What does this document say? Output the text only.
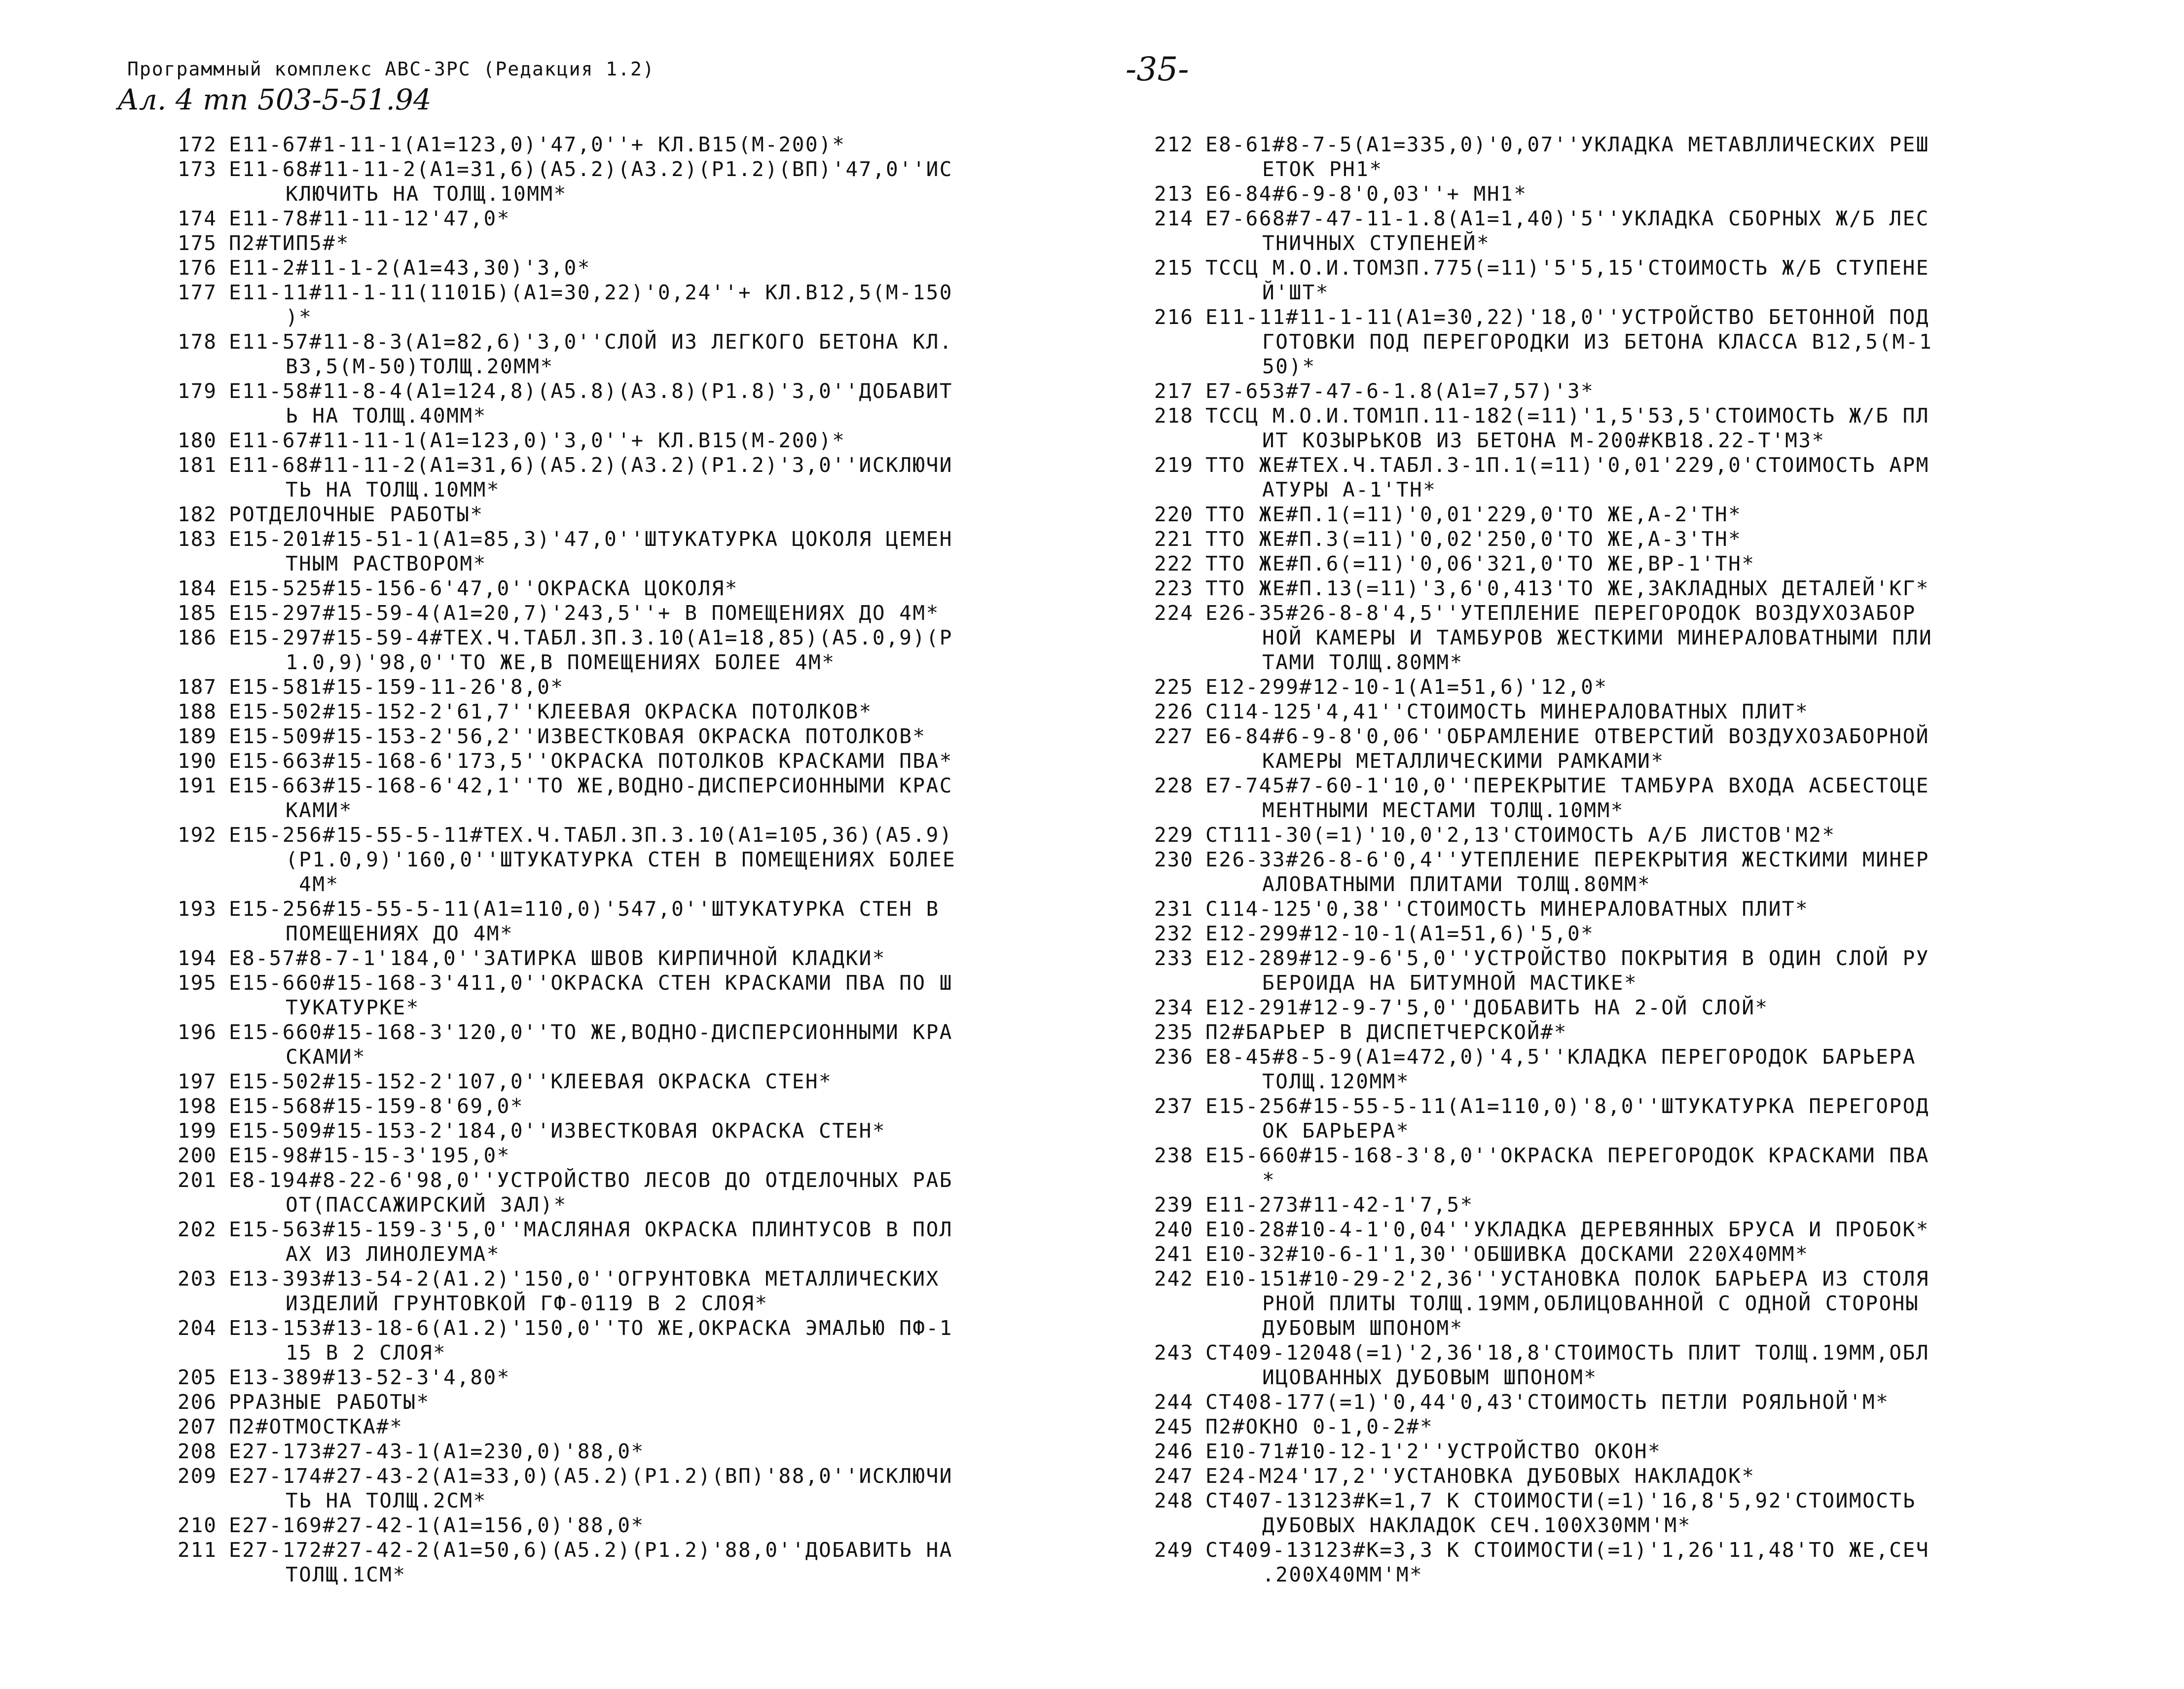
Программный комплекс АВС-3РС (Редакция 1.2)
Ал. 4 тп 503-5-51.94
-35-
172 E11-67#1-11-1(A1=123,0)'47,0''+ КЛ.B15(M-200)*
173 E11-68#11-11-2(A1=31,6)(A5.2)(A3.2)(P1.2)(ВП)'47,0''ИС
КЛЮЧИТЬ НА ТОЛЩ.10ММ*
174 E11-78#11-11-12'47,0*
175 П2#ТИП5#*
176 E11-2#11-1-2(A1=43,30)'3,0*
177 E11-11#11-1-11(1101Б)(A1=30,22)'0,24''+ КЛ.B12,5(M-150
)*
178 E11-57#11-8-3(A1=82,6)'3,0''СЛОЙ ИЗ ЛЕГКОГО БЕТОНА КЛ.
B3,5(M-50)ТОЛЩ.20ММ*
179 E11-58#11-8-4(A1=124,8)(A5.8)(A3.8)(P1.8)'3,0''ДОБАВИТ
Ь НА ТОЛЩ.40ММ*
180 E11-67#11-11-1(A1=123,0)'3,0''+ КЛ.B15(M-200)*
181 E11-68#11-11-2(A1=31,6)(A5.2)(A3.2)(P1.2)'3,0''ИСКЛЮЧИ
ТЬ НА ТОЛЩ.10ММ*
182 РОТДЕЛОЧНЫЕ РАБОТЫ*
183 E15-201#15-51-1(A1=85,3)'47,0''ШТУКАТУРКА ЦОКОЛЯ ЦЕМЕН
ТНЫМ РАСТВОРОМ*
184 E15-525#15-156-6'47,0''ОКРАСКА ЦОКОЛЯ*
185 E15-297#15-59-4(A1=20,7)'243,5''+ В ПОМЕЩЕНИЯХ ДО 4М*
186 E15-297#15-59-4#ТЕХ.Ч.ТАБЛ.3П.3.10(A1=18,85)(A5.0,9)(P
1.0,9)'98,0''ТО ЖЕ,В ПОМЕЩЕНИЯХ БОЛЕЕ 4М*
187 E15-581#15-159-11-26'8,0*
188 E15-502#15-152-2'61,7''КЛЕЕВАЯ ОКРАСКА ПОТОЛКОВ*
189 E15-509#15-153-2'56,2''ИЗВЕСТКОВАЯ ОКРАСКА ПОТОЛКОВ*
190 E15-663#15-168-6'173,5''ОКРАСКА ПОТОЛКОВ КРАСКАМИ ПВА*
191 E15-663#15-168-6'42,1''ТО ЖЕ,ВОДНО-ДИСПЕРСИОННЫМИ КРАС
КАМИ*
192 E15-256#15-55-5-11#ТЕХ.Ч.ТАБЛ.3П.3.10(A1=105,36)(A5.9)
(P1.0,9)'160,0''ШТУКАТУРКА СТЕН В ПОМЕЩЕНИЯХ БОЛЕЕ
4М*
193 E15-256#15-55-5-11(A1=110,0)'547,0''ШТУКАТУРКА СТЕН В
ПОМЕЩЕНИЯХ ДО 4М*
194 E8-57#8-7-1'184,0''ЗАТИРКА ШВОВ КИРПИЧНОЙ КЛАДКИ*
195 E15-660#15-168-3'411,0''ОКРАСКА СТЕН КРАСКАМИ ПВА ПО Ш
ТУКАТУРКЕ*
196 E15-660#15-168-3'120,0''ТО ЖЕ,ВОДНО-ДИСПЕРСИОННЫМИ КРА
СКАМИ*
197 E15-502#15-152-2'107,0''КЛЕЕВАЯ ОКРАСКА СТЕН*
198 E15-568#15-159-8'69,0*
199 E15-509#15-153-2'184,0''ИЗВЕСТКОВАЯ ОКРАСКА СТЕН*
200 E15-98#15-15-3'195,0*
201 E8-194#8-22-6'98,0''УСТРОЙСТВО ЛЕСОВ ДО ОТДЕЛОЧНЫХ РАБ
ОТ(ПАССАЖИРСКИЙ ЗАЛ)*
202 E15-563#15-159-3'5,0''МАСЛЯНАЯ ОКРАСКА ПЛИНТУСОВ В ПОЛ
АХ ИЗ ЛИНОЛЕУМА*
203 E13-393#13-54-2(A1.2)'150,0''ОГРУНТОВКА МЕТАЛЛИЧЕСКИХ
ИЗДЕЛИЙ ГРУНТОВКОЙ ГФ-0119 В 2 СЛОЯ*
204 E13-153#13-18-6(A1.2)'150,0''ТО ЖЕ,ОКРАСКА ЭМАЛЬЮ ПФ-1
15 В 2 СЛОЯ*
205 E13-389#13-52-3'4,80*
206 РРАЗНЫЕ РАБОТЫ*
207 П2#ОТМОСТКА#*
208 E27-173#27-43-1(A1=230,0)'88,0*
209 E27-174#27-43-2(A1=33,0)(A5.2)(P1.2)(ВП)'88,0''ИСКЛЮЧИ
ТЬ НА ТОЛЩ.2СМ*
210 E27-169#27-42-1(A1=156,0)'88,0*
211 E27-172#27-42-2(A1=50,6)(A5.2)(P1.2)'88,0''ДОБАВИТЬ НА
ТОЛЩ.1СМ*
212 E8-61#8-7-5(A1=335,0)'0,07''УКЛАДКА МЕТАВЛЛИЧЕСКИХ РЕШ
ЕТОК РН1*
213 E6-84#6-9-8'0,03''+ МН1*
214 E7-668#7-47-11-1.8(A1=1,40)'5''УКЛАДКА СБОРНЫХ Ж/Б ЛЕС
ТНИЧНЫХ СТУПЕНЕЙ*
215 ТССЦ М.О.И.ТОМ3П.775(=11)'5'5,15'СТОИМОСТЬ Ж/Б СТУПЕНЕ
Й'ШТ*
216 E11-11#11-1-11(A1=30,22)'18,0''УСТРОЙСТВО БЕТОННОЙ ПОД
ГОТОВКИ ПОД ПЕРЕГОРОДКИ ИЗ БЕТОНА КЛАССА B12,5(М-1
50)*
217 E7-653#7-47-6-1.8(A1=7,57)'3*
218 ТССЦ М.О.И.ТОМ1П.11-182(=11)'1,5'53,5'СТОИМОСТЬ Ж/Б ПЛ
ИТ КОЗЫРЬКОВ ИЗ БЕТОНА М-200#КВ18.22-Т'М3*
219 ТТО ЖЕ#ТЕХ.Ч.ТАБЛ.3-1П.1(=11)'0,01'229,0'СТОИМОСТЬ АРМ
АТУРЫ А-1'ТН*
220 ТТО ЖЕ#П.1(=11)'0,01'229,0'ТО ЖЕ,А-2'ТН*
221 ТТО ЖЕ#П.3(=11)'0,02'250,0'ТО ЖЕ,А-3'ТН*
222 ТТО ЖЕ#П.6(=11)'0,06'321,0'ТО ЖЕ,ВР-1'ТН*
223 ТТО ЖЕ#П.13(=11)'3,6'0,413'ТО ЖЕ,ЗАКЛАДНЫХ ДЕТАЛЕЙ'КГ*
224 E26-35#26-8-8'4,5''УТЕПЛЕНИЕ ПЕРЕГОРОДОК ВОЗДУХОЗАБОР
НОЙ КАМЕРЫ И ТАМБУРОВ ЖЕСТКИМИ МИНЕРАЛОВАТНЫМИ ПЛИ
ТАМИ ТОЛЩ.80ММ*
225 E12-299#12-10-1(A1=51,6)'12,0*
226 C114-125'4,41''СТОИМОСТЬ МИНЕРАЛОВАТНЫХ ПЛИТ*
227 E6-84#6-9-8'0,06''ОБРАМЛЕНИЕ ОТВЕРСТИЙ ВОЗДУХОЗАБОРНОЙ
КАМЕРЫ МЕТАЛЛИЧЕСКИМИ РАМКАМИ*
228 E7-745#7-60-1'10,0''ПЕРЕКРЫТИЕ ТАМБУРА ВХОДА АСБЕСТОЦЕ
МЕНТНЫМИ МЕСТАМИ ТОЛЩ.10ММ*
229 CT111-30(=1)'10,0'2,13'СТОИМОСТЬ А/Б ЛИСТОВ'М2*
230 E26-33#26-8-6'0,4''УТЕПЛЕНИЕ ПЕРЕКРЫТИЯ ЖЕСТКИМИ МИНЕР
АЛОВАТНЫМИ ПЛИТАМИ ТОЛЩ.80ММ*
231 C114-125'0,38''СТОИМОСТЬ МИНЕРАЛОВАТНЫХ ПЛИТ*
232 E12-299#12-10-1(A1=51,6)'5,0*
233 E12-289#12-9-6'5,0''УСТРОЙСТВО ПОКРЫТИЯ В ОДИН СЛОЙ РУ
БЕРОИДА НА БИТУМНОЙ МАСТИКЕ*
234 E12-291#12-9-7'5,0''ДОБАВИТЬ НА 2-ОЙ СЛОЙ*
235 П2#БАРЬЕР В ДИСПЕТЧЕРСКОЙ#*
236 E8-45#8-5-9(A1=472,0)'4,5''КЛАДКА ПЕРЕГОРОДОК БАРЬЕРА
ТОЛЩ.120ММ*
237 E15-256#15-55-5-11(A1=110,0)'8,0''ШТУКАТУРКА ПЕРЕГОРОД
ОК БАРЬЕРА*
238 E15-660#15-168-3'8,0''ОКРАСКА ПЕРЕГОРОДОК КРАСКАМИ ПВА
*
239 E11-273#11-42-1'7,5*
240 E10-28#10-4-1'0,04''УКЛАДКА ДЕРЕВЯННЫХ БРУСА И ПРОБОК*
241 E10-32#10-6-1'1,30''ОБШИВКА ДОСКАМИ 220Х40ММ*
242 E10-151#10-29-2'2,36''УСТАНОВКА ПОЛОК БАРЬЕРА ИЗ СТОЛЯ
РНОЙ ПЛИТЫ ТОЛЩ.19ММ,ОБЛИЦОВАННОЙ С ОДНОЙ СТОРОНЫ
ДУБОВЫМ ШПОНОМ*
243 CT409-12048(=1)'2,36'18,8'СТОИМОСТЬ ПЛИТ ТОЛЩ.19ММ,ОБЛ
ИЦОВАННЫХ ДУБОВЫМ ШПОНОМ*
244 CT408-177(=1)'0,44'0,43'СТОИМОСТЬ ПЕТЛИ РОЯЛЬНОЙ'М*
245 П2#ОКНО 0-1,0-2#*
246 E10-71#10-12-1'2''УСТРОЙСТВО ОКОН*
247 E24-M24'17,2''УСТАНОВКА ДУБОВЫХ НАКЛАДОК*
248 CT407-13123#K=1,7 К СТОИМОСТИ(=1)'16,8'5,92'СТОИМОСТЬ
ДУБОВЫХ НАКЛАДОК СЕЧ.100Х30ММ'М*
249 CT409-13123#K=3,3 К СТОИМОСТИ(=1)'1,26'11,48'ТО ЖЕ,СЕЧ
.200Х40ММ'М*
